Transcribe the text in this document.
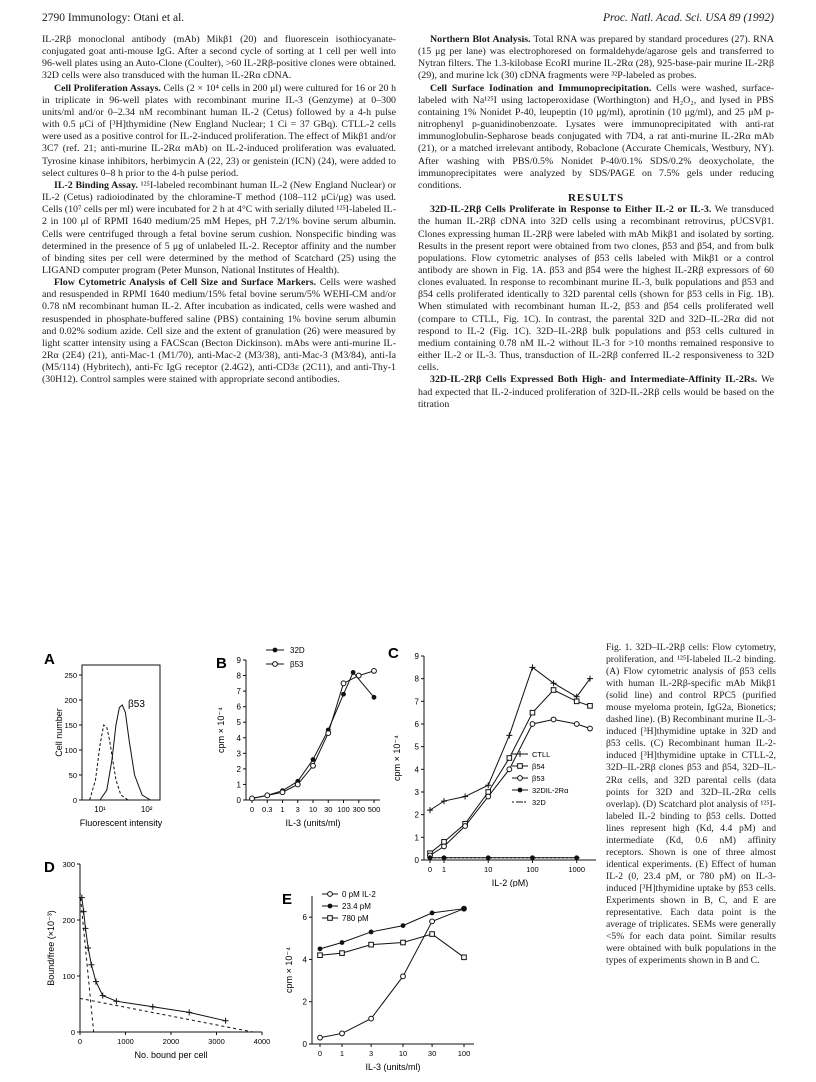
2790 Immunology: Otani et al.	Proc. Natl. Acad. Sci. USA 89 (1992)

IL-2Rβ monoclonal antibody (mAb) Mikβ1 (20) and fluorescein isothiocyanate-conjugated goat anti-mouse IgG. After a second cycle of sorting at 1 cell per well into 96-well plates using an Auto-Clone (Coulter), >60 IL-2Rβ-positive clones were obtained. 32D cells were also transduced with the human IL-2Rα cDNA.

Cell Proliferation Assays. Cells (2 × 10⁴ cells in 200 μl) were cultured for 16 or 20 h in triplicate in 96-well plates with recombinant murine IL-3 (Genzyme) at 0–300 units/ml and/or 0–2.34 nM recombinant human IL-2 (Cetus) followed by a 4-h pulse with 0.5 μCi of [³H]thymidine (New England Nuclear; 1 Ci = 37 GBq). CTLL-2 cells were used as a positive control for IL-2-induced proliferation. The effect of Mikβ1 and/or 3C7 (ref. 21; anti-murine IL-2Rα mAb) on IL-2-induced proliferation was evaluated. Tyrosine kinase inhibitors, herbimycin A (22, 23) or genistein (ICN) (24), were added to select cultures 0–8 h prior to the 4-h pulse period.

IL-2 Binding Assay. ¹²⁵I-labeled recombinant human IL-2 (New England Nuclear) or IL-2 (Cetus) radioiodinated by the chloramine-T method (108–112 μCi/μg) was used. Cells (10⁷ cells per ml) were incubated for 2 h at 4°C with serially diluted ¹²⁵I-labeled IL-2 in 100 μl of RPMI 1640 medium/25 mM Hepes, pH 7.2/1% bovine serum albumin. Cells were centrifuged through a fetal bovine serum cushion. Nonspecific binding was determined in the presence of 5 μg of unlabeled IL-2. Receptor affinity and the number of binding sites per cell were determined by the method of Scatchard (25) using the LIGAND computer program (Peter Munson, National Institutes of Health).

Flow Cytometric Analysis of Cell Size and Surface Markers. Cells were washed and resuspended in RPMI 1640 medium/15% fetal bovine serum/5% WEHI-CM and/or 0.78 nM recombinant human IL-2. After incubation as indicated, cells were washed and resuspended in phosphate-buffered saline (PBS) containing 1% bovine serum albumin and 0.02% sodium azide. Cell size and the extent of granulation (26) were measured by light scatter intensity using a FACScan (Becton Dickinson). mAbs were anti-murine IL-2Rα (2E4) (21), anti-Mac-1 (M1/70), anti-Mac-2 (M3/38), anti-Mac-3 (M3/84), anti-Ia (M5/114) (Hybritech), anti-Fc IgG receptor (2.4G2), anti-CD3ε (2C11), and anti-Thy-1 (30H12). Control samples were stained with appropriate second antibodies.

Northern Blot Analysis. Total RNA was prepared by standard procedures (27). RNA (15 μg per lane) was electrophoresed on formaldehyde/agarose gels and transferred to Nytran filters. The 1.3-kilobase EcoRI murine IL-2Rα (28), 925-base-pair murine IL-2Rβ (29), and murine lck (30) cDNA fragments were ³²P-labeled as probes.

Cell Surface Iodination and Immunoprecipitation. Cells were washed, surface-labeled with Na¹²⁵I using lactoperoxidase (Worthington) and H₂O₂, and lysed in PBS containing 1% Nonidet P-40, leupeptin (10 μg/ml), aprotinin (10 μg/ml), and 25 μM p-nitrophenyl p-guanidinobenzoate. Lysates were immunoprecipitated with anti-rat immunoglobulin-Sepharose beads conjugated with 7D4, a rat anti-murine IL-2Rα mAb (21), or a matched irrelevant antibody, Robaclone (Accurate Chemicals, Westbury, NY). After washing with PBS/0.5% Nonidet P-40/0.1% SDS/0.2% deoxycholate, the immunoprecipitates were analyzed by SDS/PAGE on 7.5% gels under reducing conditions.

RESULTS

32D-IL-2Rβ Cells Proliferate in Response to Either IL-2 or IL-3. We transduced the human IL-2Rβ cDNA into 32D cells using a recombinant retrovirus, pUCSVβ1. Clones expressing human IL-2Rβ were labeled with mAb Mikβ1 and isolated by sorting. Results in the present report were obtained from two clones, β53 and β54, and from bulk populations. Flow cytometric analyses of β53 cells labeled with Mikβ1 or a control antibody are shown in Fig. 1A. β53 and β54 were the highest IL-2Rβ expressors of 60 clones evaluated. In response to recombinant murine IL-3, bulk populations and β53 and β54 cells proliferated identically to 32D parental cells (shown for β53 cells in Fig. 1B). When stimulated with recombinant human IL-2, β53 and β54 cells proliferated well (compare to CTLL, Fig. 1C). In contrast, the parental 32D and 32D–IL-2Rα did not respond to IL-2 (Fig. 1C). 32D–IL-2Rβ bulk populations and β53 cells cultured in medium containing 0.78 nM IL-2 without IL-3 for >10 months remained responsive to either IL-2 or IL-3. Thus, transduction of IL-2Rβ conferred IL-2 responsiveness to 32D cells.

32D-IL-2Rβ Cells Expressed Both High- and Intermediate-Affinity IL-2Rs. We had expected that IL-2-induced proliferation of 32D-IL-2Rβ cells would be based on the titration

A
0
50
100
150
200
250
10¹	10²
β53
Cell number
Fluorescent intensity
0
1
2
3
4
5
6
7
8
9
0 0.3 1 3 10 30 100 300 500
B
32D
β53
cpm × 10⁻⁴
IL-3 (units/ml)
0
1
2
3
4
5
6
7
8
9
0 1	10	100	1000
C
CTLL
β54
β53
32DIL-2Rα
32D
cpm × 10⁻⁴
IL-2 (pM)
D
0	1000	2000	3000	4000
0
100
200
300
Bound/free (×10⁻³)
No. bound per cell
0
2
4
6
0 1	3	10	30	100
E	0 pM IL-2
23.4 pM
780 pM
cpm × 10⁻⁴
IL-3 (units/ml)
Fig. 1. 32D–IL-2Rβ cells: Flow cytometry, proliferation, and ¹²⁵I-labeled IL-2 binding. (A) Flow cytometric analysis of β53 cells with human IL-2Rβ-specific mAb Mikβ1 (solid line) and control RPC5 (purified mouse myeloma protein, IgG2a, Bionetics; dashed line). (B) Recombinant murine IL-3-induced [³H]thymidine uptake in 32D and β53 cells. (C) Recombinant human IL-2-induced [³H]thymidine uptake in CTLL-2, 32D–IL-2Rβ clones β53 and β54, 32D–IL-2Rα cells, and 32D parental cells (data points for 32D and 32D–IL-2Rα cells overlap). (D) Scatchard plot analysis of ¹²⁵I-labeled IL-2 binding to β53 cells. Dotted lines represent high (Kd, 4.4 pM) and intermediate (Kd, 0.6 nM) affinity receptors. Shown is one of three almost identical experiments. (E) Effect of human IL-2 (0, 23.4 pM, or 780 pM) on IL-3-induced [³H]thymidine uptake by β53 cells. Experiments shown in B, C, and E are representative. Each data point is the average of triplicates. SEMs were generally <5% for each data point. Similar results were obtained with bulk populations in the types of experiments shown in B and C.
